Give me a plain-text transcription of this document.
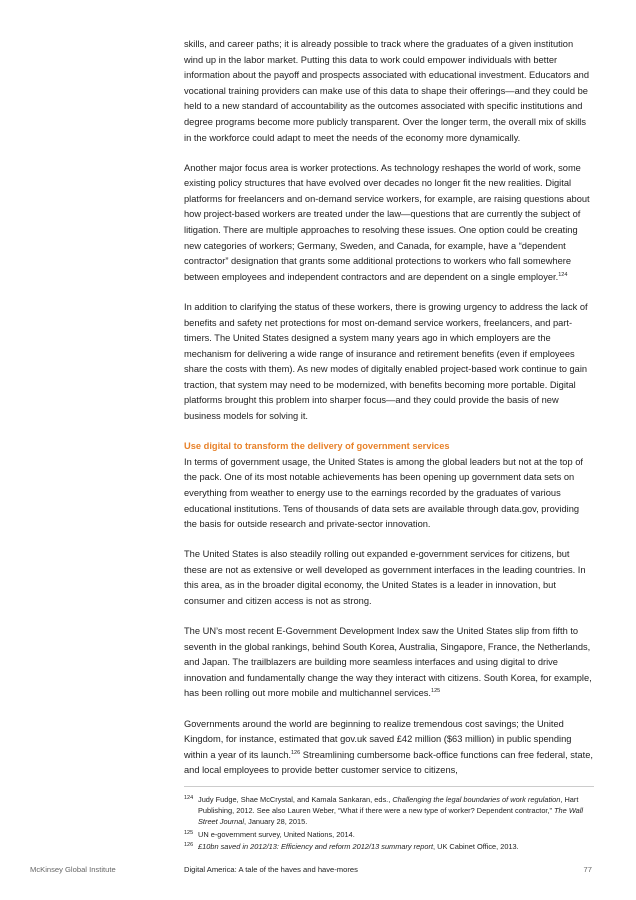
skills, and career paths; it is already possible to track where the graduates of a given institution wind up in the labor market. Putting this data to work could empower individuals with better information about the payoff and prospects associated with educational investment. Educators and vocational training providers can make use of this data to shape their offerings—and they could be held to a new standard of accountability as the outcomes associated with specific institutions and degree programs become more publicly transparent. Over the longer term, the overall mix of skills in the workforce could adapt to meet the needs of the economy more dynamically.

Another major focus area is worker protections. As technology reshapes the world of work, some existing policy structures that have evolved over decades no longer fit the new realities. Digital platforms for freelancers and on-demand service workers, for example, are raising questions about how project-based workers are treated under the law—questions that are currently the subject of litigation. There are multiple approaches to resolving these issues. One option could be creating new categories of workers; Germany, Sweden, and Canada, for example, have a “dependent contractor” designation that grants some additional protections to workers who fall somewhere between employees and independent contractors and are dependent on a single employer.$^{124}$

In addition to clarifying the status of these workers, there is growing urgency to address the lack of benefits and safety net protections for most on-demand service workers, freelancers, and part-timers. The United States designed a system many years ago in which employers are the mechanism for delivering a wide range of insurance and retirement benefits (even if employees share the costs with them). As new modes of digitally enabled project-based work continue to gain traction, that system may need to be modernized, with benefits becoming more portable. Digital platforms brought this problem into sharper focus—and they could provide the basis of new business models for solving it.

Use digital to transform the delivery of government services

In terms of government usage, the United States is among the global leaders but not at the top of the pack. One of its most notable achievements has been opening up government data sets on everything from weather to energy use to the earnings recorded by the graduates of various educational institutions. Tens of thousands of data sets are available through data.gov, providing the basis for outside research and private-sector innovation.

The United States is also steadily rolling out expanded e-government services for citizens, but these are not as extensive or well developed as government interfaces in the leading countries. In this area, as in the broader digital economy, the United States is a leader in innovation, but consumer and citizen access is not as strong.

The UN’s most recent E-Government Development Index saw the United States slip from fifth to seventh in the global rankings, behind South Korea, Australia, Singapore, France, the Netherlands, and Japan. The trailblazers are building more seamless interfaces and using digital to drive innovation and fundamentally change the way they interact with citizens. South Korea, for example, has been rolling out more mobile and multichannel services.$^{125}$

Governments around the world are beginning to realize tremendous cost savings; the United Kingdom, for instance, estimated that gov.uk saved £42 million ($63 million) in public spending within a year of its launch.$^{126}$ Streamlining cumbersome back-office functions can free federal, state, and local employees to provide better customer service to citizens,

124 Judy Fudge, Shae McCrystal, and Kamala Sankaran, eds., Challenging the legal boundaries of work regulation, Hart Publishing, 2012. See also Lauren Weber, “What if there were a new type of worker? Dependent contractor,” The Wall Street Journal, January 28, 2015.
125 UN e-government survey, United Nations, 2014.
126 £10bn saved in 2012/13: Efficiency and reform 2012/13 summary report, UK Cabinet Office, 2013.
McKinsey Global Institute	Digital America: A tale of the haves and have-mores	77
